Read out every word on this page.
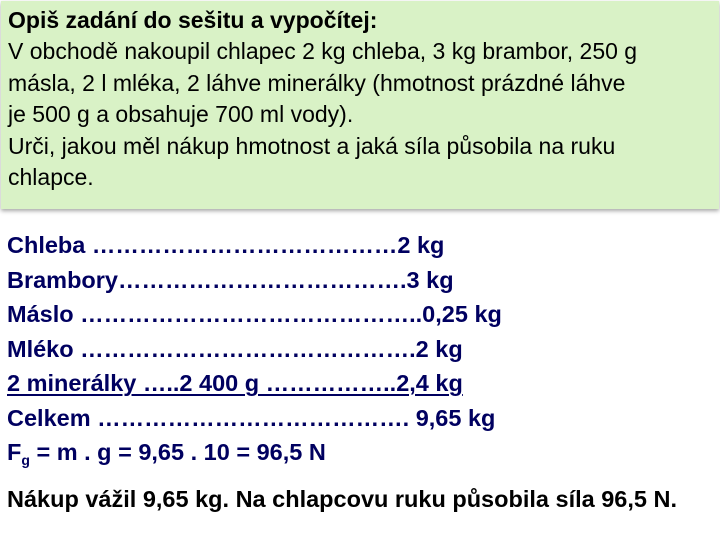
Opiš zadání do sešitu a vypočítej:
V obchodě nakoupil chlapec 2 kg chleba, 3 kg brambor, 250 g
másla, 2 l mléka, 2 láhve minerálky (hmotnost prázdné láhve
je 500 g a obsahuje 700 ml vody).
Urči, jakou měl nákup hmotnost a jaká síla působila na ruku
chlapce.
Chleba …………………………………2 kg
Brambory……………………………….3 kg
Máslo ……………………………………..0,25 kg
Mléko …………………………………….2 kg
2 minerálky …..2 400 g ……………..2,4 kg
Celkem …………………………………. 9,65 kg
$F_g = m$ . g = 9,65 . 10 = 96,5 N
Nákup vážil 9,65 kg. Na chlapcovu ruku působila síla 96,5 N.
